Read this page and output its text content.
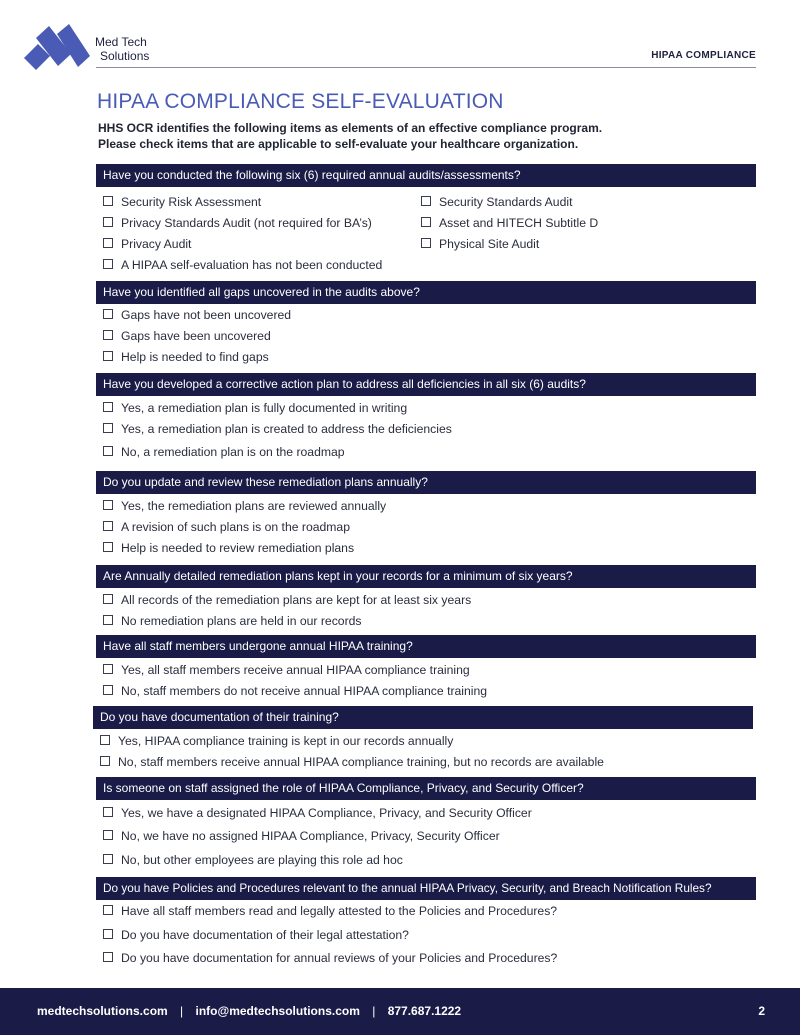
Med Tech
Solutions	HIPAA COMPLIANCE
HIPAA COMPLIANCE SELF-EVALUATION
HHS OCR identifies the following items as elements of an effective compliance program.
Please check items that are applicable to self-evaluate your healthcare organization.
Have you conducted the following six (6) required annual audits/assessments?
Security Risk Assessment	Security Standards Audit
Privacy Standards Audit (not required for BA’s)	Asset and HITECH Subtitle D
Privacy Audit	Physical Site Audit
A HIPAA self-evaluation has not been conducted
Have you identified all gaps uncovered in the audits above?
Gaps have not been uncovered
Gaps have been uncovered
Help is needed to find gaps
Have you developed a corrective action plan to address all deficiencies in all six (6) audits?
Yes, a remediation plan is fully documented in writing
Yes, a remediation plan is created to address the deficiencies
No, a remediation plan is on the roadmap
Do you update and review these remediation plans annually?
Yes, the remediation plans are reviewed annually
A revision of such plans is on the roadmap
Help is needed to review remediation plans
Are Annually detailed remediation plans kept in your records for a minimum of six years?
All records of the remediation plans are kept for at least six years
No remediation plans are held in our records
Have all staff members undergone annual HIPAA training?
Yes, all staff members receive annual HIPAA compliance training
No, staff members do not receive annual HIPAA compliance training
Do you have documentation of their training?
Yes, HIPAA compliance training is kept in our records annually
No, staff members receive annual HIPAA compliance training, but no records are available
Is someone on staff assigned the role of HIPAA Compliance, Privacy, and Security Officer?
Yes, we have a designated HIPAA Compliance, Privacy, and Security Officer
No, we have no assigned HIPAA Compliance, Privacy, Security Officer
No, but other employees are playing this role ad hoc
Do you have Policies and Procedures relevant to the annual HIPAA Privacy, Security, and Breach Notification Rules?
Have all staff members read and legally attested to the Policies and Procedures?
Do you have documentation of their legal attestation?
Do you have documentation for annual reviews of your Policies and Procedures?
medtechsolutions.com | info@medtechsolutions.com | 877.687.1222	2
